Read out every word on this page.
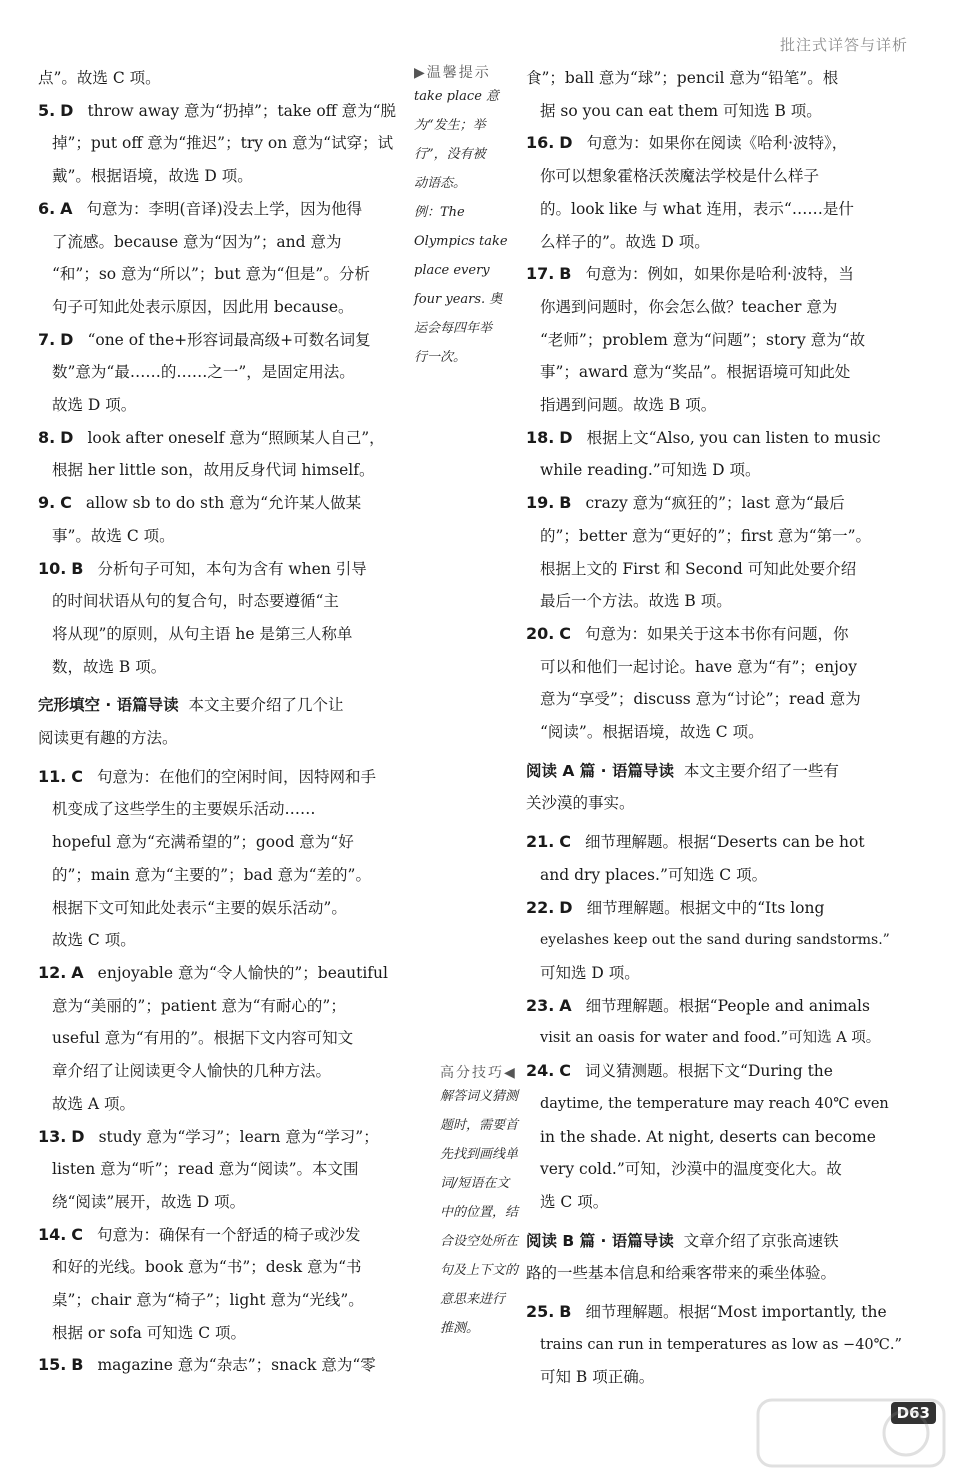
批注式详答与详析

点”。故选 C 项。

5. D throw away 意为“扔掉”；take off 意为“脱
掉”；put off 意为“推迟”；try on 意为“试穿；试
戴”。根据语境，故选 D 项。
6. A 句意为：李明(音译)没去上学，因为他得
了流感。because 意为“因为”；and 意为
“和”；so 意为“所以”；but 意为“但是”。分析
句子可知此处表示原因，因此用 because。
7. D “one of the+形容词最高级+可数名词复
数”意为“最……的……之一”，是固定用法。
故选 D 项。
8. D look after oneself 意为“照顾某人自己”，
根据 her little son，故用反身代词 himself。
9. C allow sb to do sth 意为“允许某人做某
事”。故选 C 项。
10. B 分析句子可知，本句为含有 when 引导
的时间状语从句的复合句，时态要遵循“主
将从现”的原则，从句主语 he 是第三人称单
数，故选 B 项。
完形填空 · 语篇导读 本文主要介绍了几个让
阅读更有趣的方法。
11. C 句意为：在他们的空闲时间，因特网和手
机变成了这些学生的主要娱乐活动……
hopeful 意为“充满希望的”；good 意为“好
的”；main 意为“主要的”；bad 意为“差的”。
根据下文可知此处表示“主要的娱乐活动”。
故选 C 项。
12. A enjoyable 意为“令人愉快的”；beautiful
意为“美丽的”；patient 意为“有耐心的”；
useful 意为“有用的”。根据下文内容可知文
章介绍了让阅读更令人愉快的几种方法。
故选 A 项。
13. D study 意为“学习”；learn 意为“学习”；
listen 意为“听”；read 意为“阅读”。本文围
绕“阅读”展开，故选 D 项。
14. C 句意为：确保有一个舒适的椅子或沙发
和好的光线。book 意为“书”；desk 意为“书
桌”；chair 意为“椅子”；light 意为“光线”。
根据 or sofa 可知选 C 项。
15. B magazine 意为“杂志”；snack 意为“零
▶温馨提示
take place 意
为“发生；举
行”，没有被
动语态。
例：The
Olympics take
place every
four years. 奥
运会每四年举
行一次。
高分技巧◀
解答词义猜测
题时，需要首
先找到画线单
词/短语在文
中的位置，结
合设空处所在
句及上下文的
意思来进行
推测。

食”；ball 意为“球”；pencil 意为“铅笔”。根

据 so you can eat them 可知选 B 项。

16. D 句意为：如果你在阅读《哈利·波特》，
你可以想象霍格沃茨魔法学校是什么样子
的。look like 与 what 连用，表示“……是什
么样子的”。故选 D 项。
17. B 句意为：例如，如果你是哈利·波特，当
你遇到问题时，你会怎么做？teacher 意为
“老师”；problem 意为“问题”；story 意为“故
事”；award 意为“奖品”。根据语境可知此处
指遇到问题。故选 B 项。
18. D 根据上文“Also, you can listen to music
while reading.”可知选 D 项。
19. B crazy 意为“疯狂的”；last 意为“最后
的”；better 意为“更好的”；first 意为“第一”。
根据上文的 First 和 Second 可知此处要介绍
最后一个方法。故选 B 项。
20. C 句意为：如果关于这本书你有问题，你
可以和他们一起讨论。have 意为“有”；enjoy
意为“享受”；discuss 意为“讨论”；read 意为
“阅读”。根据语境，故选 C 项。
阅读 A 篇 · 语篇导读 本文主要介绍了一些有
关沙漠的事实。
21. C 细节理解题。根据“Deserts can be hot
and dry places.”可知选 C 项。
22. D 细节理解题。根据文中的“Its long
eyelashes keep out the sand during sandstorms.”
可知选 D 项。
23. A 细节理解题。根据“People and animals
visit an oasis for water and food.”可知选 A 项。
24. C 词义猜测题。根据下文“During the
daytime, the temperature may reach 40℃ even
in the shade. At night, deserts can become
very cold.”可知，沙漠中的温度变化大。故
选 C 项。
阅读 B 篇 · 语篇导读 文章介绍了京张高速铁
路的一些基本信息和给乘客带来的乘坐体验。
25. B 细节理解题。根据“Most importantly, the
trains can run in temperatures as low as −40℃.”
可知 B 项正确。
D63
